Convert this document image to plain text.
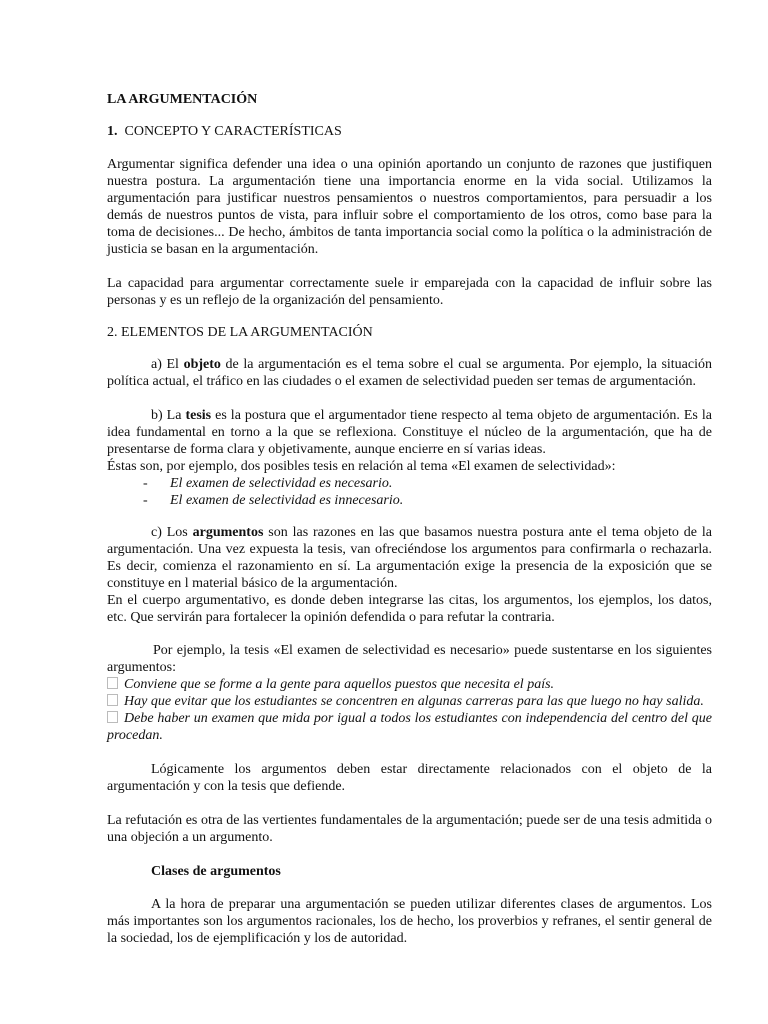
LA ARGUMENTACIÓN

1. CONCEPTO Y CARACTERÍSTICAS

Argumentar significa defender una idea o una opinión aportando un conjunto de razones que justifiquen nuestra postura. La argumentación tiene una importancia enorme en la vida social. Utilizamos la argumentación para justificar nuestros pensamientos o nuestros comportamientos, para persuadir a los demás de nuestros puntos de vista, para influir sobre el comportamiento de los otros, como base para la toma de decisiones... De hecho, ámbitos de tanta importancia social como la política o la administración de justicia se basan en la argumentación.

La capacidad para argumentar correctamente suele ir emparejada con la capacidad de influir sobre las personas y es un reflejo de la organización del pensamiento.

2. ELEMENTOS DE LA ARGUMENTACIÓN

a) El objeto de la argumentación es el tema sobre el cual se argumenta. Por ejemplo, la situación política actual, el tráfico en las ciudades o el examen de selectividad pueden ser temas de argumentación.

b) La tesis es la postura que el argumentador tiene respecto al tema objeto de argumentación. Es la idea fundamental en torno a la que se reflexiona. Constituye el núcleo de la argumentación, que ha de presentarse de forma clara y objetivamente, aunque encierre en sí varias ideas.

Éstas son, por ejemplo, dos posibles tesis en relación al tema «El examen de selectividad»:

-	El examen de selectividad es necesario.
-	El examen de selectividad es innecesario.

c) Los argumentos son las razones en las que basamos nuestra postura ante el tema objeto de la argumentación. Una vez expuesta la tesis, van ofreciéndose los argumentos para confirmarla o rechazarla. Es decir, comienza el razonamiento en sí. La argumentación exige la presencia de la exposición que se constituye en l material básico de la argumentación.

En el cuerpo argumentativo, es donde deben integrarse las citas, los argumentos, los ejemplos, los datos, etc. Que servirán para fortalecer la opinión defendida o para refutar la contraria.

Por ejemplo, la tesis «El examen de selectividad es necesario» puede sustentarse en los siguientes argumentos:

Conviene que se forme a la gente para aquellos puestos que necesita el país.
Hay que evitar que los estudiantes se concentren en algunas carreras para las que luego no hay salida.
Debe haber un examen que mida por igual a todos los estudiantes con independencia del centro del que procedan.

Lógicamente los argumentos deben estar directamente relacionados con el objeto de la argumentación y con la tesis que defiende.

La refutación es otra de las vertientes fundamentales de la argumentación; puede ser de una tesis admitida o una objeción a un argumento.

Clases de argumentos

A la hora de preparar una argumentación se pueden utilizar diferentes clases de argumentos. Los más importantes son los argumentos racionales, los de hecho, los proverbios y refranes, el sentir general de la sociedad, los de ejemplificación y los de autoridad.
